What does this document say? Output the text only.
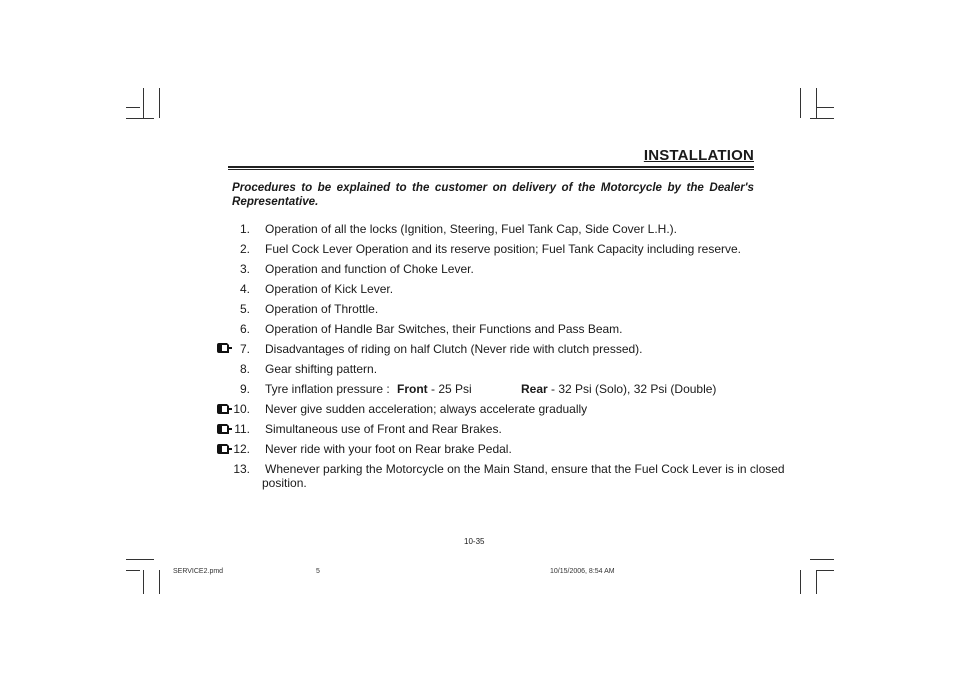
INSTALLATION
Procedures to be explained to the customer on delivery of the Motorcycle by the Dealer's Representative.
1. Operation of all the locks (Ignition, Steering, Fuel Tank Cap, Side Cover L.H.).
2. Fuel Cock Lever Operation and its reserve position; Fuel Tank Capacity including reserve.
3. Operation and function of Choke Lever.
4. Operation of Kick Lever.
5. Operation of Throttle.
6. Operation of Handle Bar Switches, their Functions and Pass Beam.
7. Disadvantages of riding on half Clutch (Never ride with clutch pressed).
8. Gear shifting pattern.
9. Tyre inflation pressure : Front - 25 Psi	Rear - 32 Psi (Solo), 32 Psi (Double)
10. Never give sudden acceleration; always accelerate gradually
11. Simultaneous use of Front and Rear Brakes.
12. Never ride with your foot on Rear brake Pedal.
13. Whenever parking the Motorcycle on the Main Stand, ensure that the Fuel Cock Lever is in closed
position.
10-35
SERVICE2.pmd	5	10/15/2006, 8:54 AM
